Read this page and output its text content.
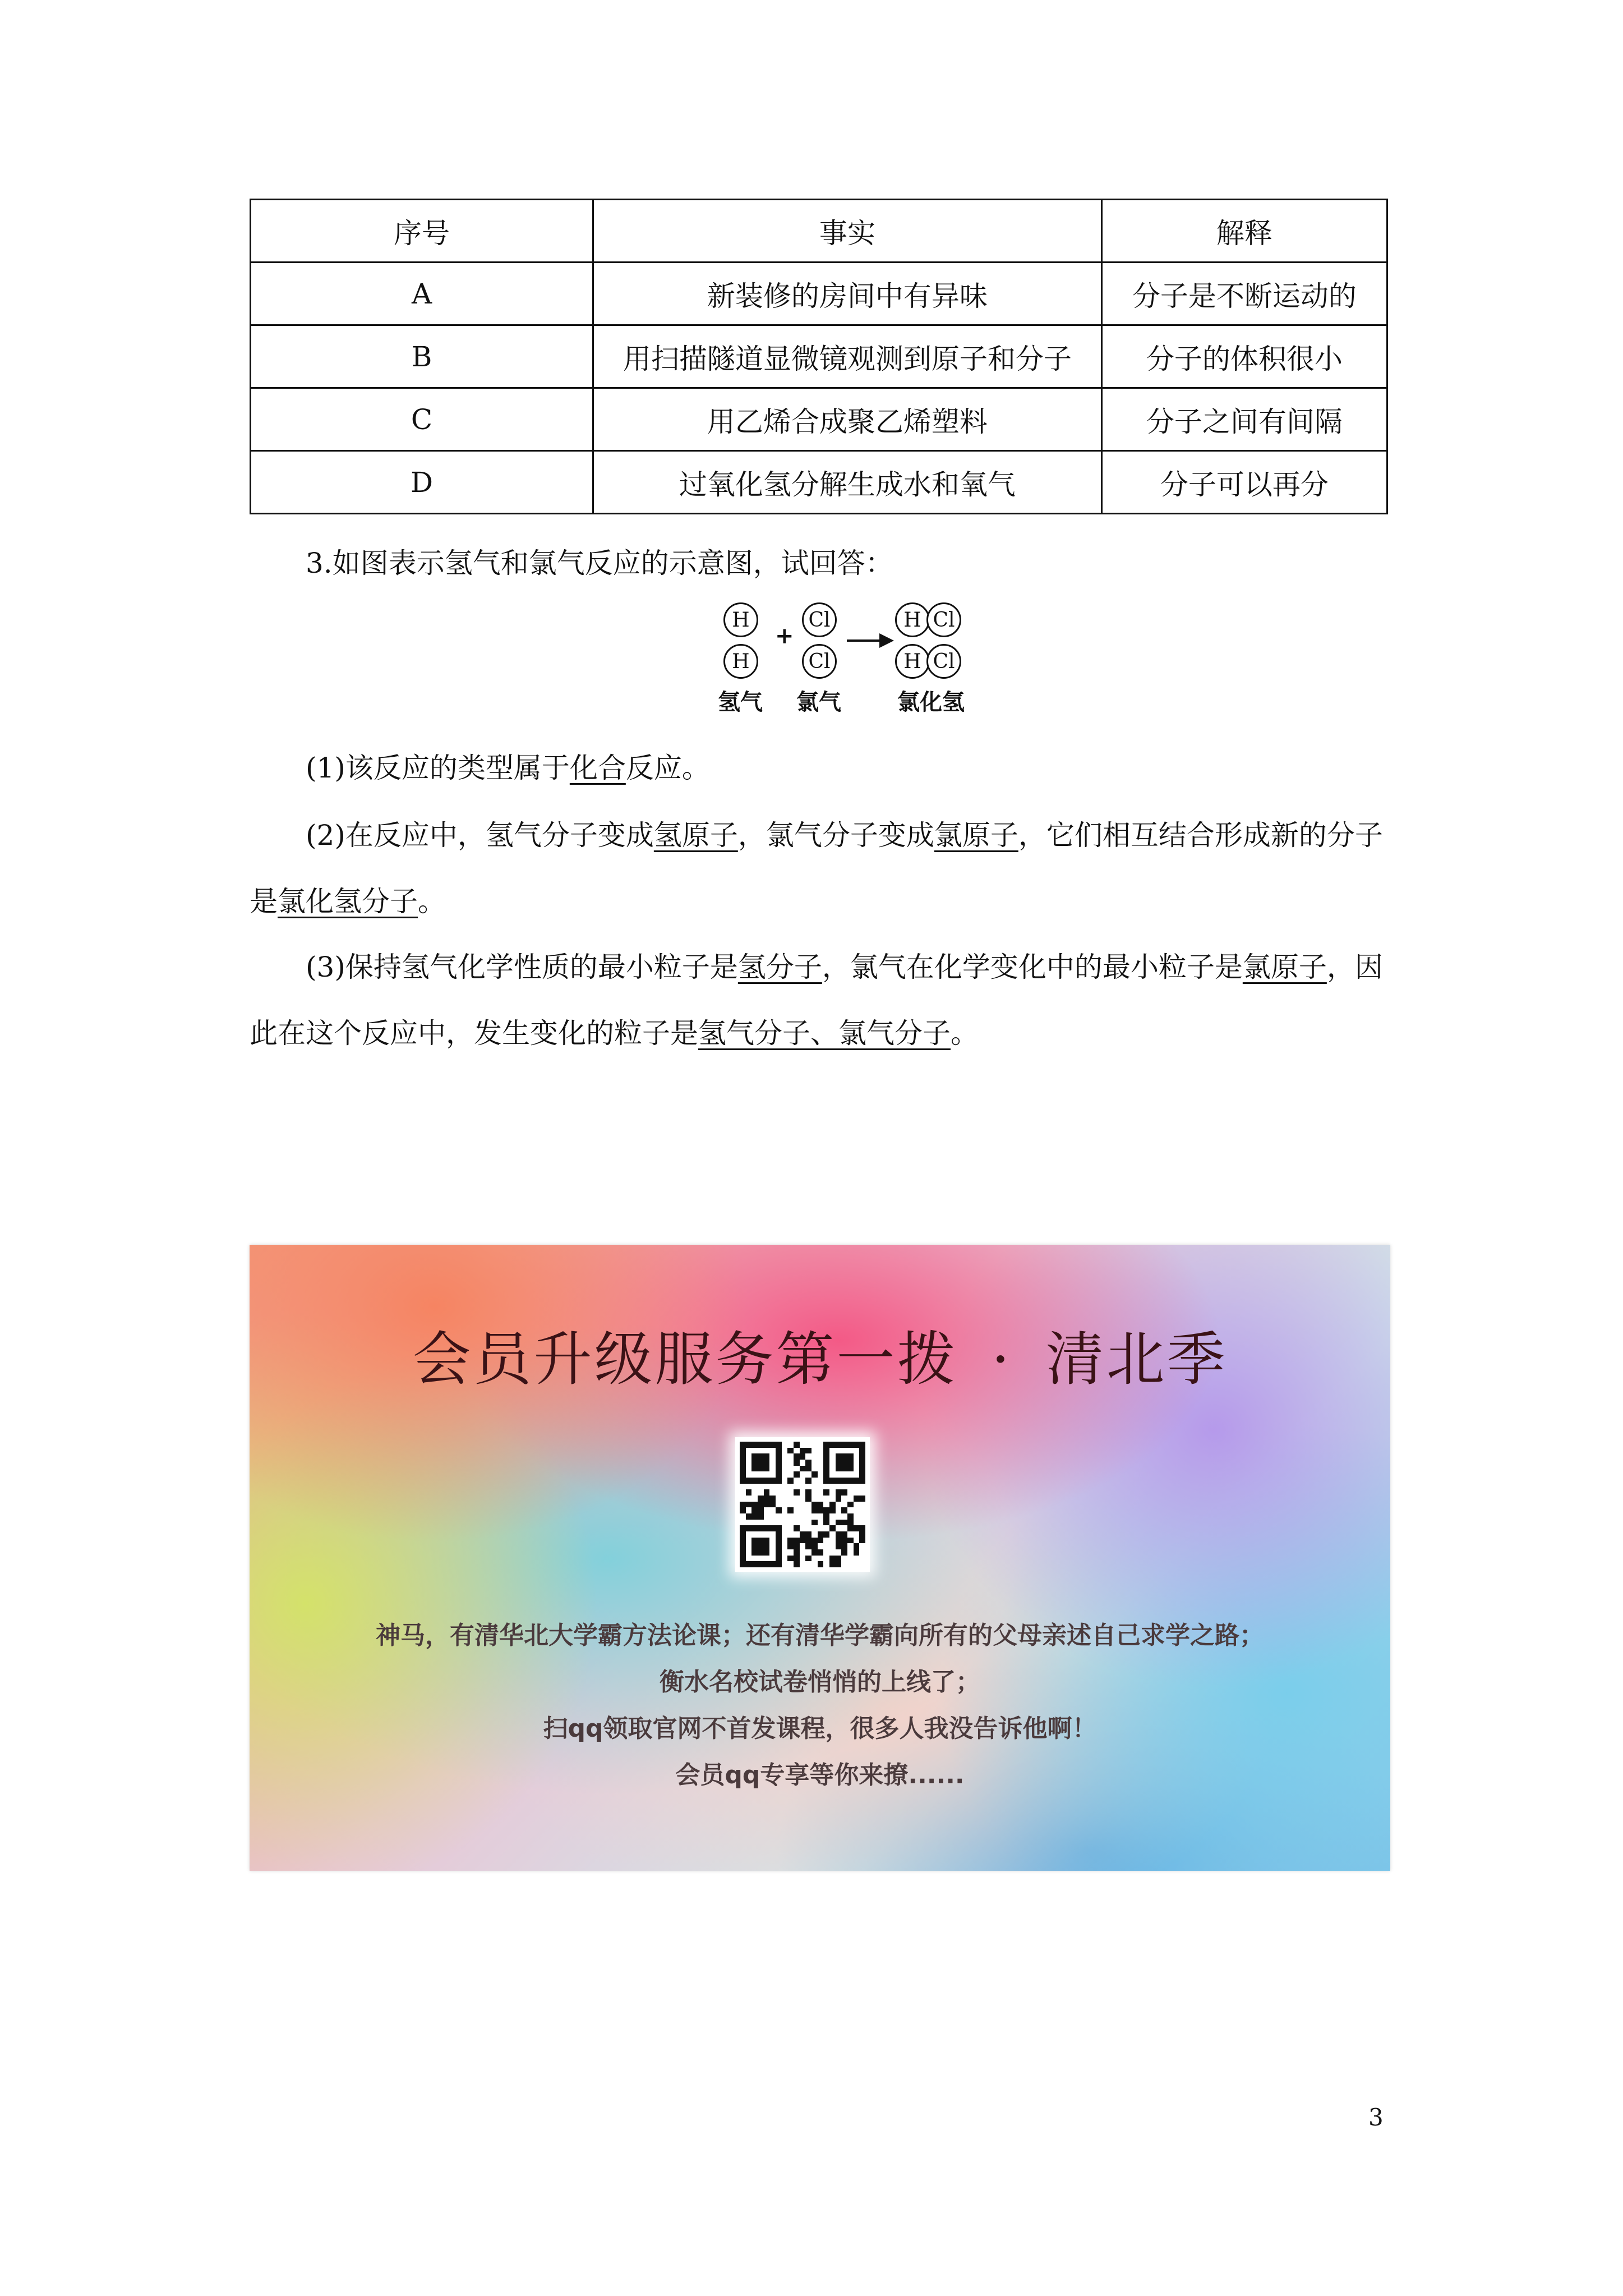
序号	事实	解释
A	新装修的房间中有异味	分子是不断运动的
B	用扫描隧道显微镜观测到原子和分子	分子的体积很小
C	用乙烯合成聚乙烯塑料	分子之间有间隔
D	过氧化氢分解生成水和氧气	分子可以再分

3.如图表示氢气和氯气反应的示意图，试回答：

H
H
+
Cl
Cl
H Cl
H Cl
氢气 氯气	氯化氢

(1)该反应的类型属于化合反应。

(2)在反应中，氢气分子变成氢原子，氯气分子变成氯原子，它们相互结合形成新的分子是氯化氢分子。

(3)保持氢气化学性质的最小粒子是氢分子，氯气在化学变化中的最小粒子是氯原子，因此在这个反应中，发生变化的粒子是氢气分子、氯气分子。

会员升级服务第一拨 · 清北季
神马，有清华北大学霸方法论课；还有清华学霸向所有的父母亲述自己求学之路；
衡水名校试卷悄悄的上线了；
扫qq领取官网不首发课程，很多人我没告诉他啊！
会员qq专享等你来撩......
3
